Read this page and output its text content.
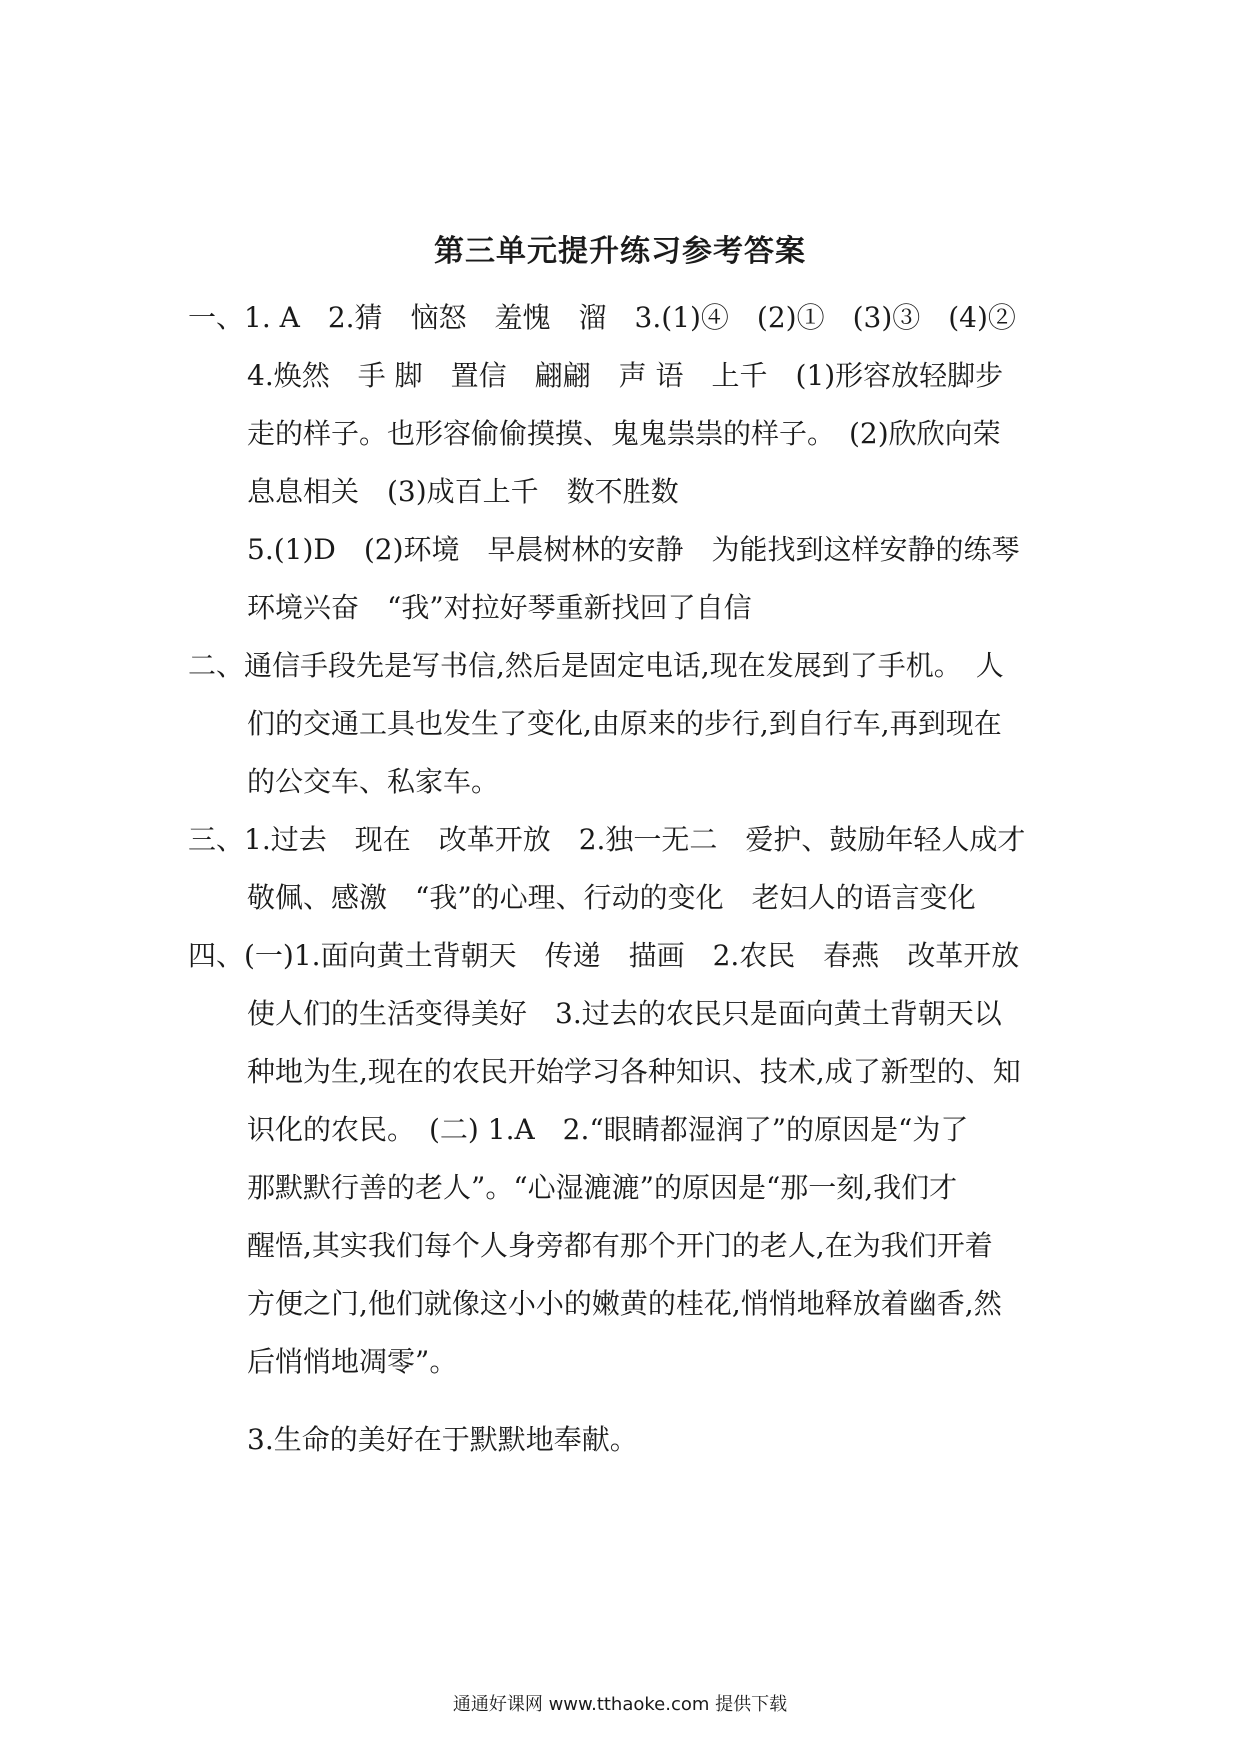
第三单元提升练习参考答案
一、1. A　2.猜　恼怒　羞愧　溜　3.(1)④　(2)①　(3)③　(4)②
4.焕然　手 脚　置信　翩翩　声 语　上千　(1)形容放轻脚步
走的样子。也形容偷偷摸摸、鬼鬼祟祟的样子。　(2)欣欣向荣
息息相关　(3)成百上千　数不胜数
5.(1)D　(2)环境　早晨树林的安静　为能找到这样安静的练琴
环境兴奋　“我”对拉好琴重新找回了自信
二、通信手段先是写书信,然后是固定电话,现在发展到了手机。　人
们的交通工具也发生了变化,由原来的步行,到自行车,再到现在
的公交车、私家车。
三、1.过去　现在　改革开放　2.独一无二　爱护、鼓励年轻人成才
敬佩、感激　“我”的心理、行动的变化　老妇人的语言变化
四、(一)1.面向黄土背朝天　传递　描画　2.农民　春燕　改革开放
使人们的生活变得美好　3.过去的农民只是面向黄土背朝天以
种地为生,现在的农民开始学习各种知识、技术,成了新型的、知
识化的农民。　(二) 1.A　2.“眼睛都湿润了”的原因是“为了
那默默行善的老人”。“心湿漉漉”的原因是“那一刻,我们才
醒悟,其实我们每个人身旁都有那个开门的老人,在为我们开着
方便之门,他们就像这小小的嫩黄的桂花,悄悄地释放着幽香,然
后悄悄地凋零”。
3.生命的美好在于默默地奉献。
通通好课网 www.tthaoke.com 提供下载
